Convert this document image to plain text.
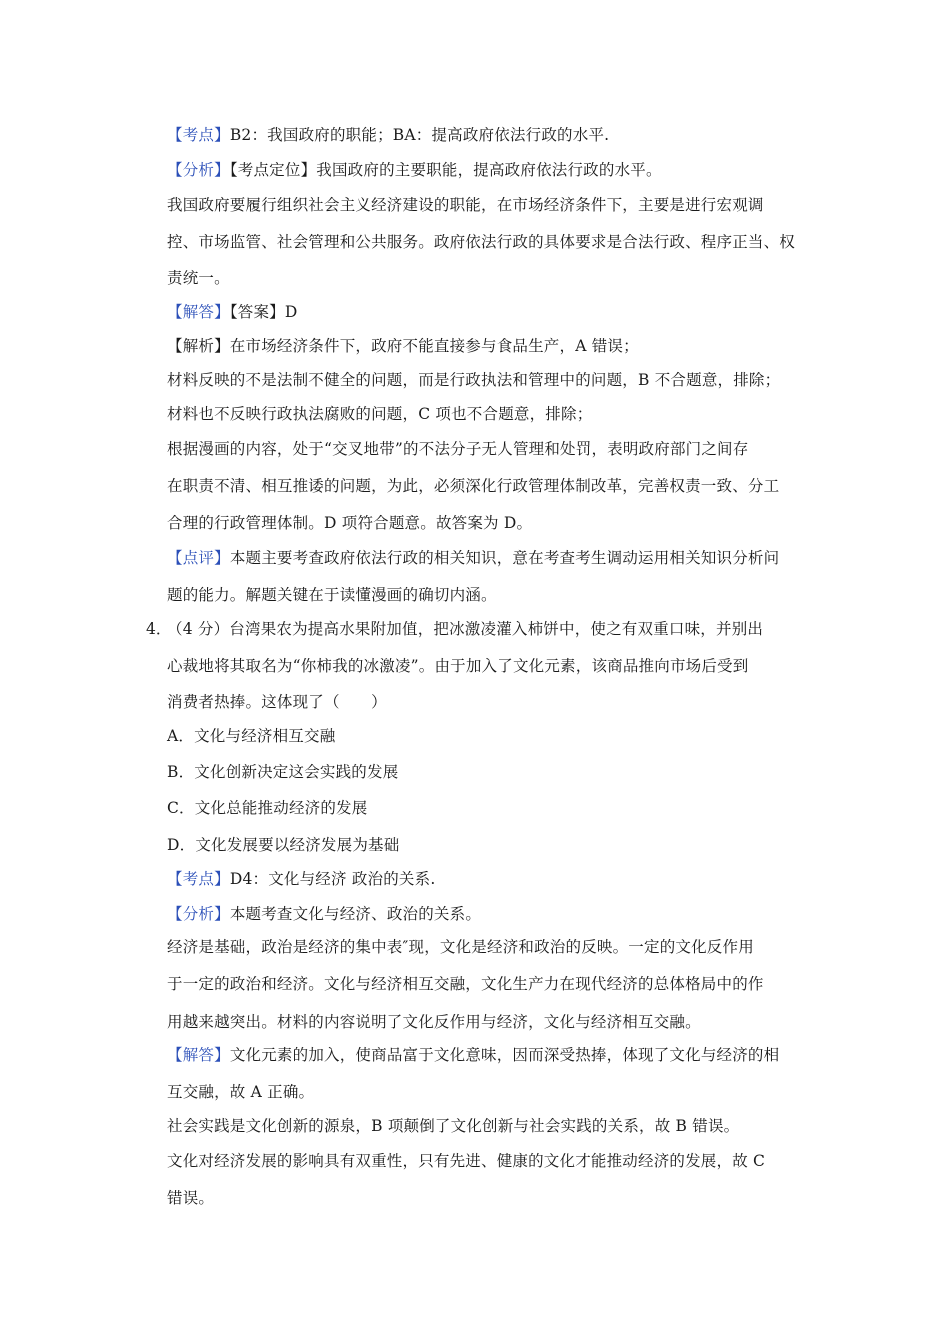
【考点】B2：我国政府的职能；BA：提高政府依法行政的水平.
【分析】【考点定位】我国政府的主要职能，提高政府依法行政的水平。
我国政府要履行组织社会主义经济建设的职能，在市场经济条件下，主要是进行宏观调
控、市场监管、社会管理和公共服务。政府依法行政的具体要求是合法行政、程序正当、权
责统一。
【解答】【答案】D
【解析】在市场经济条件下，政府不能直接参与食品生产，A 错误；
材料反映的不是法制不健全的问题，而是行政执法和管理中的问题，B 不合题意，排除；
材料也不反映行政执法腐败的问题，C 项也不合题意，排除；
根据漫画的内容，处于“交叉地带”的不法分子无人管理和处罚，表明政府部门之间存
在职责不清、相互推诿的问题，为此，必须深化行政管理体制改革，完善权责一致、分工
合理的行政管理体制。D 项符合题意。故答案为 D。
【点评】本题主要考查政府依法行政的相关知识，意在考查考生调动运用相关知识分析问
题的能力。解题关键在于读懂漫画的确切内涵。
4．
（4 分）台湾果农为提高水果附加值，把冰激凌灌入柿饼中，使之有双重口味，并别出
心裁地将其取名为“你柿我的冰激凌”。由于加入了文化元素，该商品推向市场后受到
消费者热捧。这体现了（　　）
A．文化与经济相互交融
B．文化创新决定这会实践的发展
C．文化总能推动经济的发展
D．文化发展要以经济发展为基础
【考点】D4：文化与经济 政治的关系.
【分析】本题考查文化与经济、政治的关系。
经济是基础，政治是经济的集中表″现，文化是经济和政治的反映。一定的文化反作用
于一定的政治和经济。文化与经济相互交融，文化生产力在现代经济的总体格局中的作
用越来越突出。材料的内容说明了文化反作用与经济，文化与经济相互交融。
【解答】文化元素的加入，使商品富于文化意味，因而深受热捧，体现了文化与经济的相
互交融，故 A 正确。
社会实践是文化创新的源泉，B 项颠倒了文化创新与社会实践的关系，故 B 错误。
文化对经济发展的影响具有双重性，只有先进、健康的文化才能推动经济的发展，故 C
错误。
